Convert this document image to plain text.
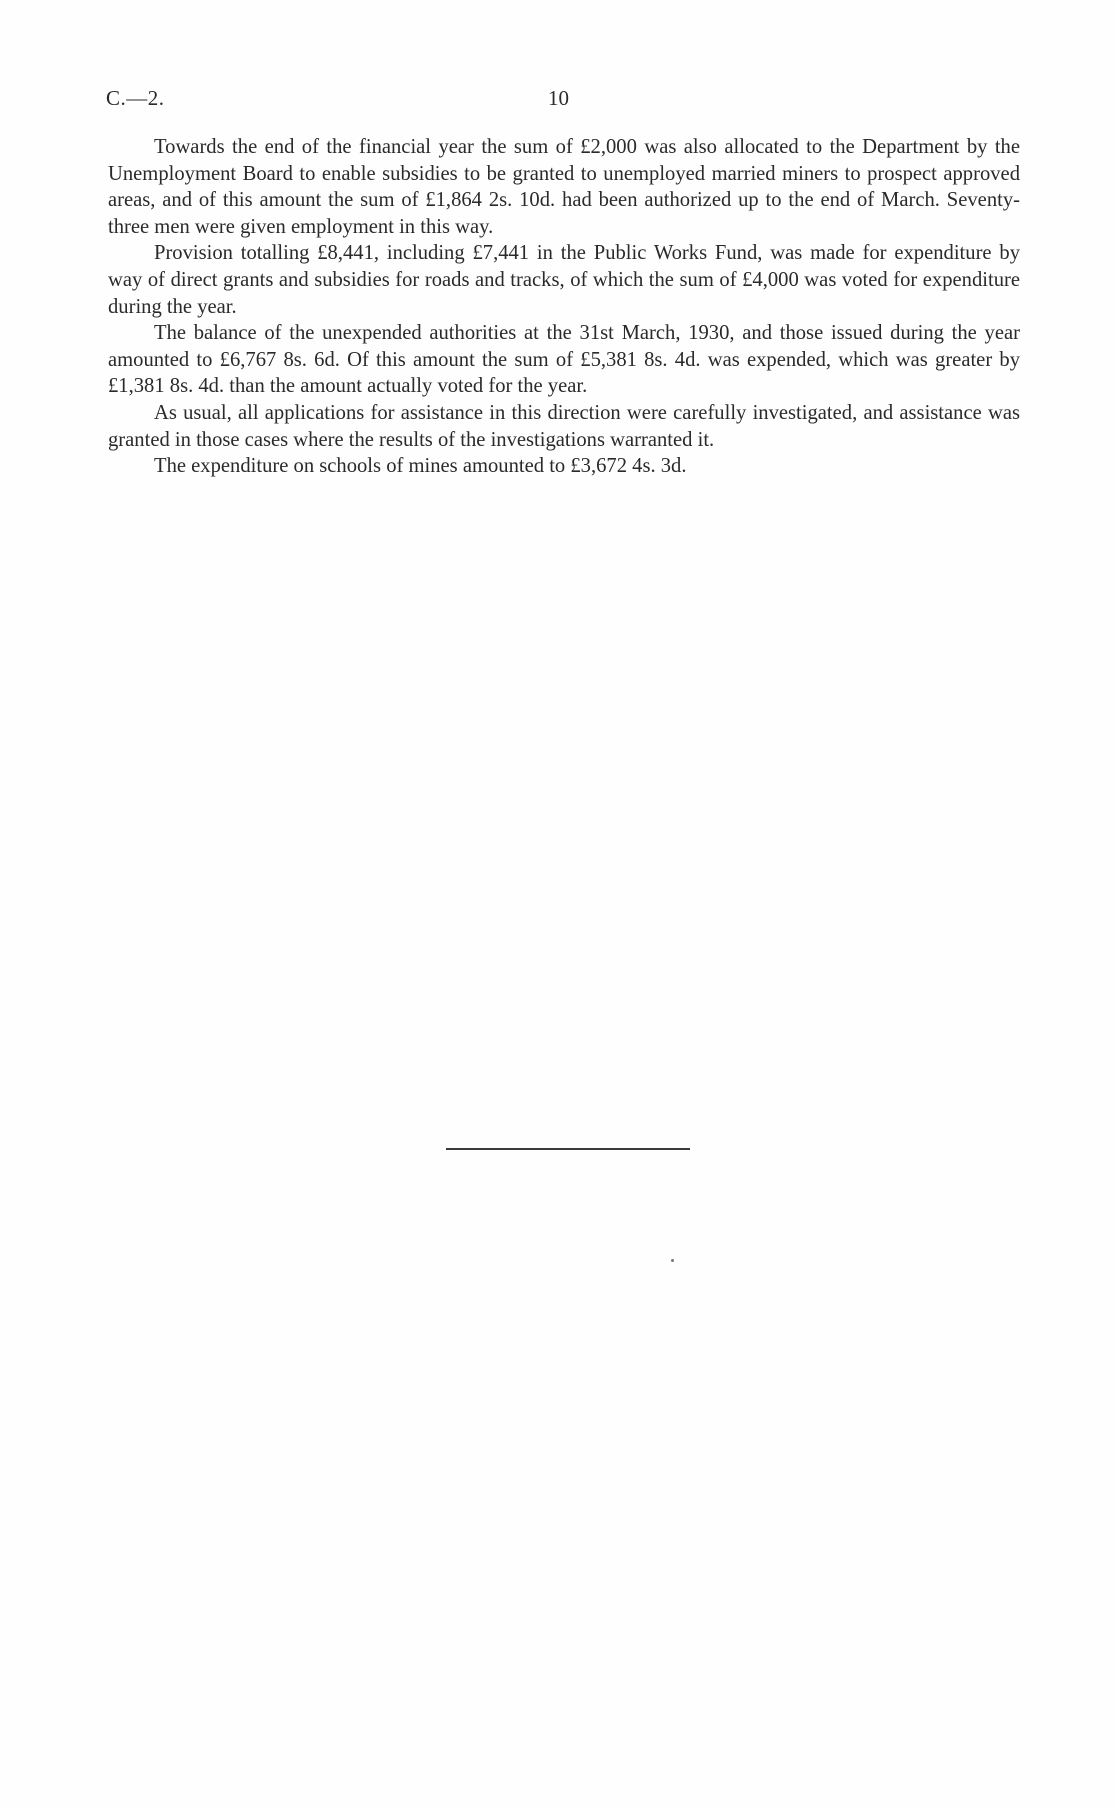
C.—2.	10

Towards the end of the financial year the sum of £2,000 was also allocated to the Department by the Unemployment Board to enable subsidies to be granted to unemployed married miners to prospect approved areas, and of this amount the sum of £1,864 2s. 10d. had been authorized up to the end of March. Seventy-three men were given employment in this way.

Provision totalling £8,441, including £7,441 in the Public Works Fund, was made for expenditure by way of direct grants and subsidies for roads and tracks, of which the sum of £4,000 was voted for expenditure during the year.

The balance of the unexpended authorities at the 31st March, 1930, and those issued during the year amounted to £6,767 8s. 6d. Of this amount the sum of £5,381 8s. 4d. was expended, which was greater by £1,381 8s. 4d. than the amount actually voted for the year.

As usual, all applications for assistance in this direction were carefully investigated, and assistance was granted in those cases where the results of the investigations warranted it.

The expenditure on schools of mines amounted to £3,672 4s. 3d.
